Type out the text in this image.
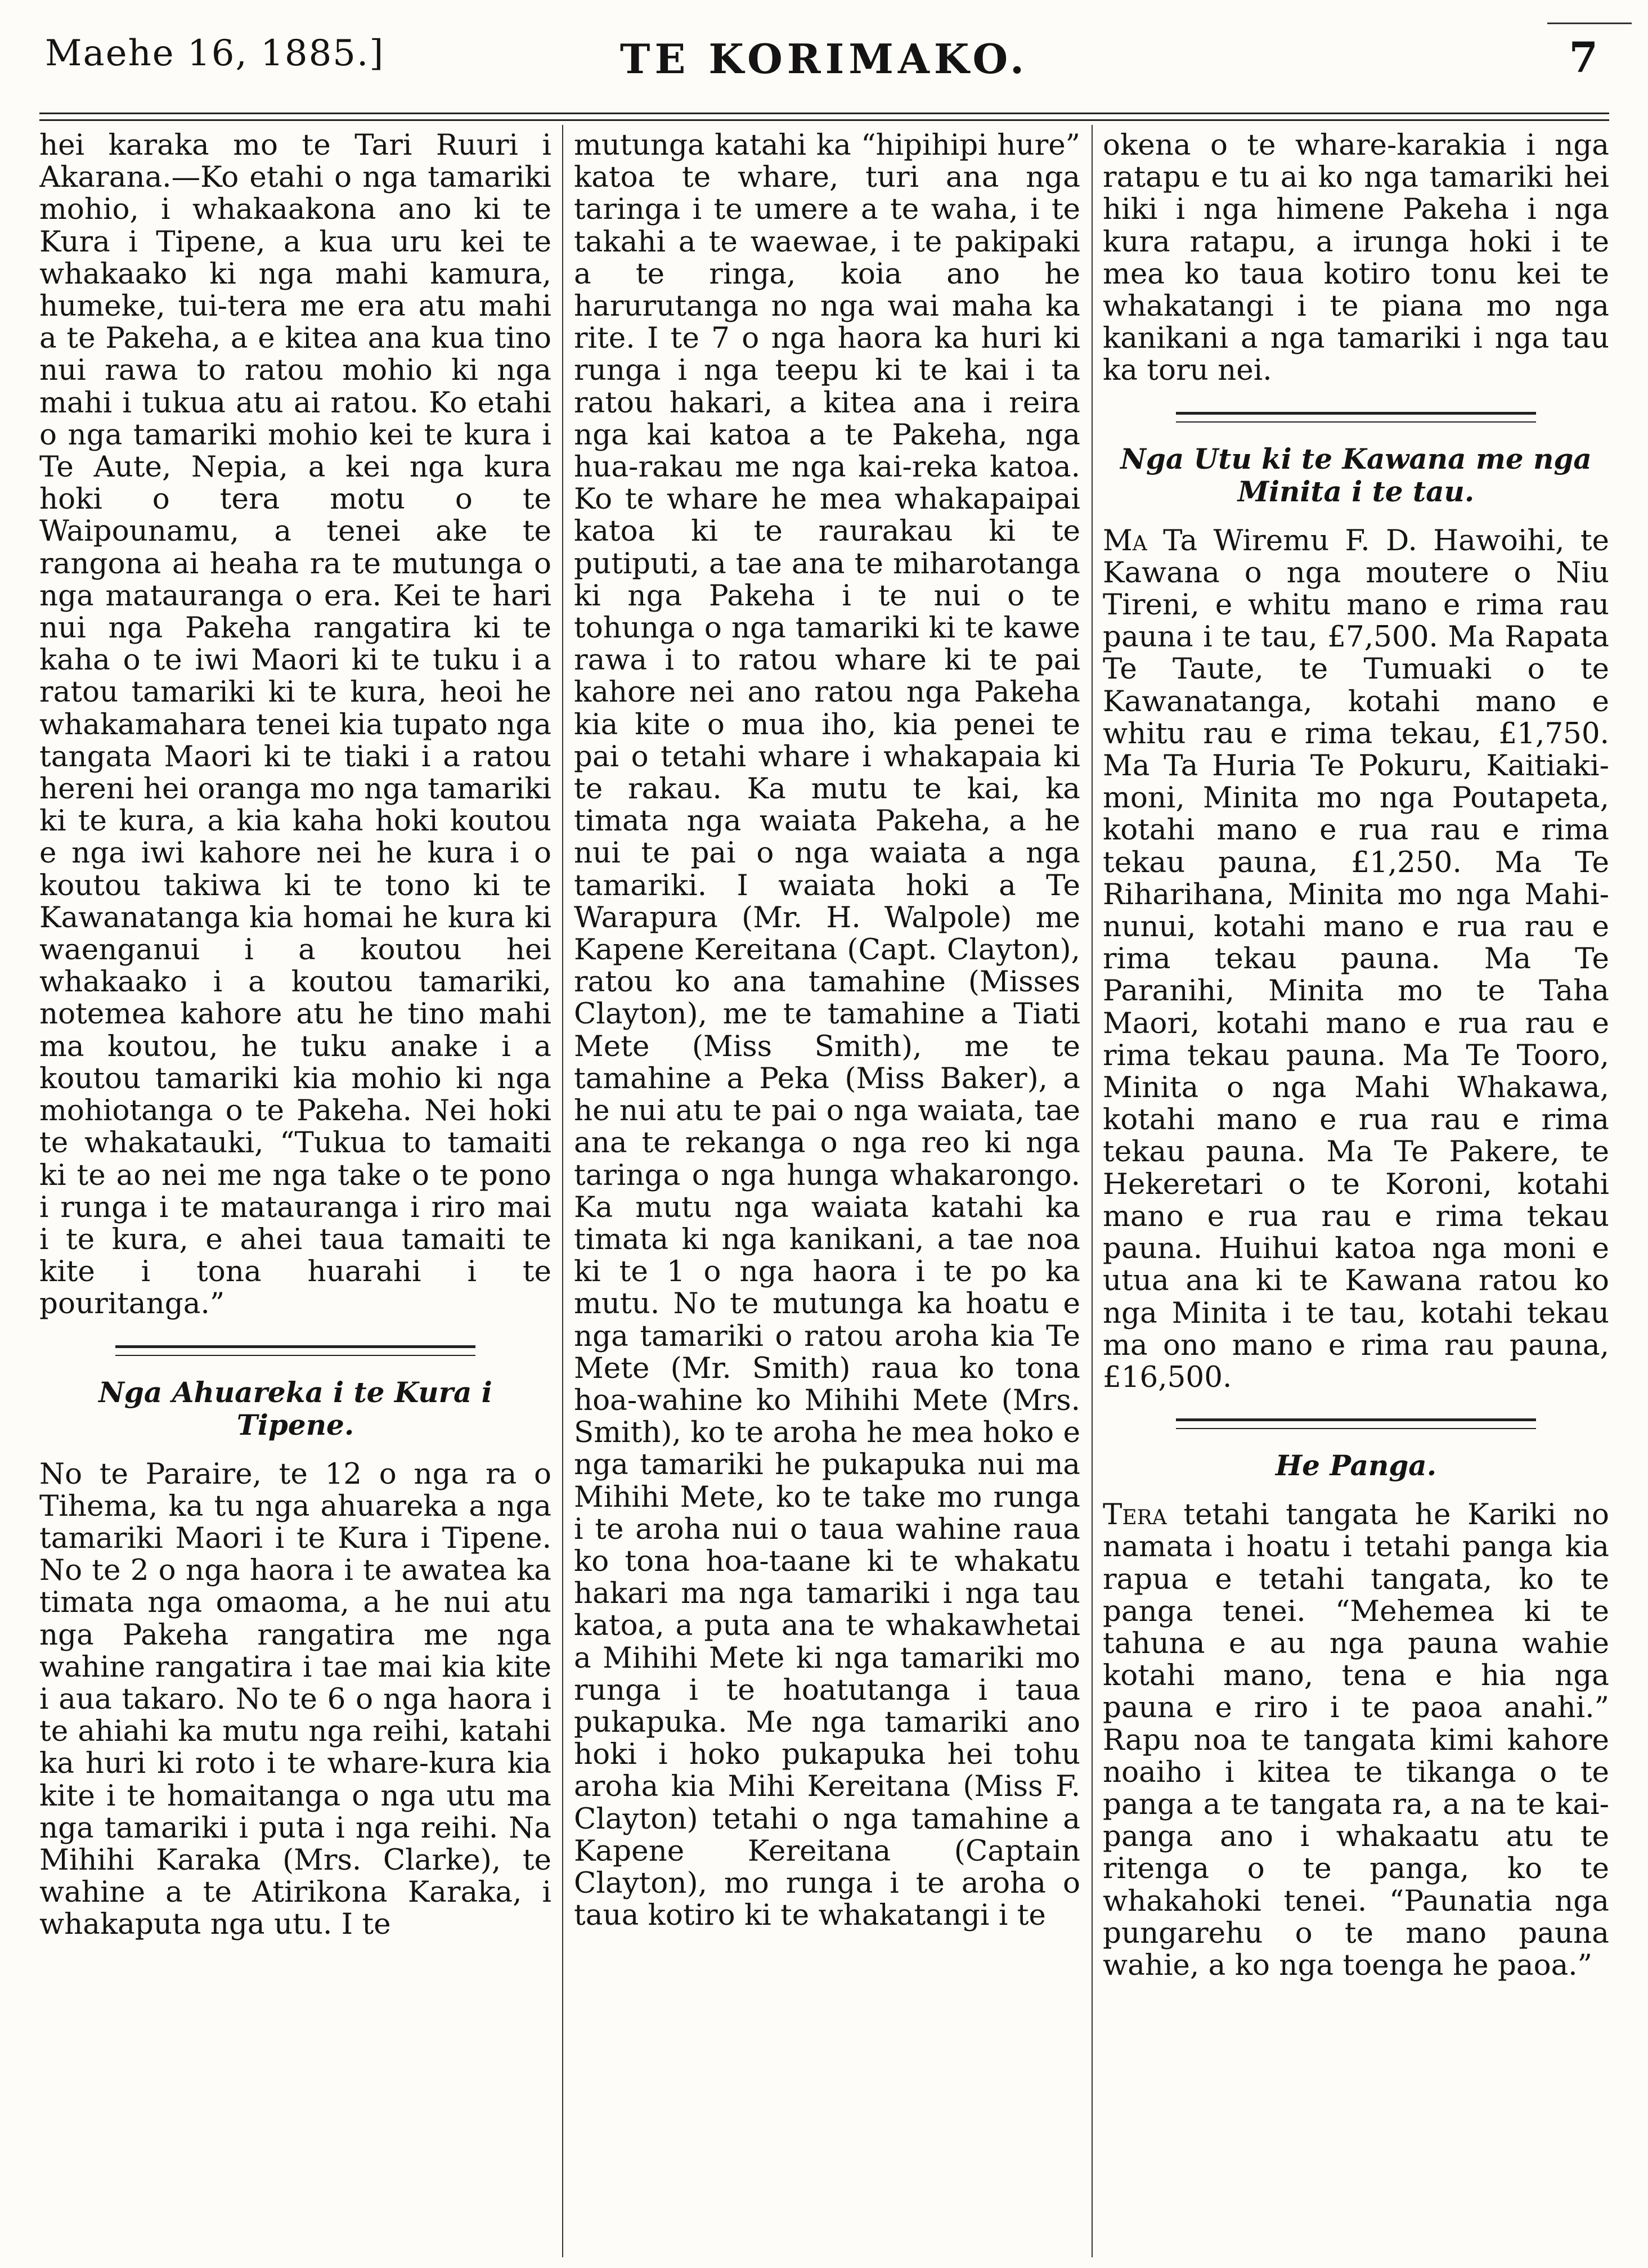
Maehe 16, 1885.]	TE KORIMAKO.	7

hei karaka mo te Tari Ruuri i Akarana.—Ko etahi o nga tamariki mohio, i whakaakona ano ki te Kura i Tipene, a kua uru kei te whakaako ki nga mahi kamura, humeke, tui-tera me era atu mahi a te Pakeha, a e kitea ana kua tino nui rawa to ratou mohio ki nga mahi i tukua atu ai ratou. Ko etahi o nga tamariki mohio kei te kura i Te Aute, Nepia, a kei nga kura hoki o tera motu o te Waipounamu, a tenei ake te rangona ai heaha ra te mutunga o nga matauranga o era. Kei te hari nui nga Pakeha rangatira ki te kaha o te iwi Maori ki te tuku i a ratou tamariki ki te kura, heoi he whakamahara tenei kia tupato nga tangata Maori ki te tiaki i a ratou hereni hei oranga mo nga tamariki ki te kura, a kia kaha hoki koutou e nga iwi kahore nei he kura i o koutou takiwa ki te tono ki te Kawanatanga kia homai he kura ki waenganui i a koutou hei whakaako i a koutou tamariki, notemea kahore atu he tino mahi ma koutou, he tuku anake i a koutou tamariki kia mohio ki nga mohiotanga o te Pakeha. Nei hoki te whakatauki, “Tukua to tamaiti ki te ao nei me nga take o te pono i runga i te matauranga i riro mai i te kura, e ahei taua tamaiti te kite i tona huarahi i te pouritanga.”

Nga Ahuareka i te Kura i Tipene.

No te Paraire, te 12 o nga ra o Tihema, ka tu nga ahuareka a nga tamariki Maori i te Kura i Tipene. No te 2 o nga haora i te awatea ka timata nga omaoma, a he nui atu nga Pakeha rangatira me nga wahine rangatira i tae mai kia kite i aua takaro. No te 6 o nga haora i te ahiahi ka mutu nga reihi, katahi ka huri ki roto i te whare-kura kia kite i te homaitanga o nga utu ma nga tamariki i puta i nga reihi. Na Mihihi Karaka (Mrs. Clarke), te wahine a te Atirikona Karaka, i whakaputa nga utu. I te

mutunga katahi ka “hipihipi hure” katoa te whare, turi ana nga taringa i te umere a te waha, i te takahi a te waewae, i te pakipaki a te ringa, koia ano he harurutanga no nga wai maha ka rite. I te 7 o nga haora ka huri ki runga i nga teepu ki te kai i ta ratou hakari, a kitea ana i reira nga kai katoa a te Pakeha, nga hua-rakau me nga kai-reka katoa. Ko te whare he mea whakapaipai katoa ki te raurakau ki te putiputi, a tae ana te miharotanga ki nga Pakeha i te nui o te tohunga o nga tamariki ki te kawe rawa i to ratou whare ki te pai kahore nei ano ratou nga Pakeha kia kite o mua iho, kia penei te pai o tetahi whare i whakapaia ki te rakau. Ka mutu te kai, ka timata nga waiata Pakeha, a he nui te pai o nga waiata a nga tamariki. I waiata hoki a Te Warapura (Mr. H. Walpole) me Kapene Kereitana (Capt. Clayton), ratou ko ana tamahine (Misses Clayton), me te tamahine a Tiati Mete (Miss Smith), me te tamahine a Peka (Miss Baker), a he nui atu te pai o nga waiata, tae ana te rekanga o nga reo ki nga taringa o nga hunga whakarongo. Ka mutu nga waiata katahi ka timata ki nga kanikani, a tae noa ki te 1 o nga haora i te po ka mutu. No te mutunga ka hoatu e nga tamariki o ratou aroha kia Te Mete (Mr. Smith) raua ko tona hoa-wahine ko Mihihi Mete (Mrs. Smith), ko te aroha he mea hoko e nga tamariki he pukapuka nui ma Mihihi Mete, ko te take mo runga i te aroha nui o taua wahine raua ko tona hoa-taane ki te whakatu hakari ma nga tamariki i nga tau katoa, a puta ana te whakawhetai a Mihihi Mete ki nga tamariki mo runga i te hoatutanga i taua pukapuka. Me nga tamariki ano hoki i hoko pukapuka hei tohu aroha kia Mihi Kereitana (Miss F. Clayton) tetahi o nga tamahine a Kapene Kereitana (Captain Clayton), mo runga i te aroha o taua kotiro ki te whakatangi i te

okena o te whare-karakia i nga ratapu e tu ai ko nga tamariki hei hiki i nga himene Pakeha i nga kura ratapu, a irunga hoki i te mea ko taua kotiro tonu kei te whakatangi i te piana mo nga kanikani a nga tamariki i nga tau ka toru nei.

Nga Utu ki te Kawana me nga Minita i te tau.

Ma Ta Wiremu F. D. Hawoihi, te Kawana o nga moutere o Niu Tireni, e whitu mano e rima rau pauna i te tau, £7,500. Ma Rapata Te Taute, te Tumuaki o te Kawanatanga, kotahi mano e whitu rau e rima tekau, £1,750. Ma Ta Huria Te Pokuru, Kaitiaki-moni, Minita mo nga Poutapeta, kotahi mano e rua rau e rima tekau pauna, £1,250. Ma Te Riharihana, Minita mo nga Mahi-nunui, kotahi mano e rua rau e rima tekau pauna. Ma Te Paranihi, Minita mo te Taha Maori, kotahi mano e rua rau e rima tekau pauna. Ma Te Tooro, Minita o nga Mahi Whakawa, kotahi mano e rua rau e rima tekau pauna. Ma Te Pakere, te Hekeretari o te Koroni, kotahi mano e rua rau e rima tekau pauna. Huihui katoa nga moni e utua ana ki te Kawana ratou ko nga Minita i te tau, kotahi tekau ma ono mano e rima rau pauna, £16,500.

He Panga.

Tera tetahi tangata he Kariki no namata i hoatu i tetahi panga kia rapua e tetahi tangata, ko te panga tenei. “Mehemea ki te tahuna e au nga pauna wahie kotahi mano, tena e hia nga pauna e riro i te paoa anahi.” Rapu noa te tangata kimi kahore noaiho i kitea te tikanga o te panga a te tangata ra, a na te kai-panga ano i whakaatu atu te ritenga o te panga, ko te whakahoki tenei. “Paunatia nga pungarehu o te mano pauna wahie, a ko nga toenga he paoa.”
